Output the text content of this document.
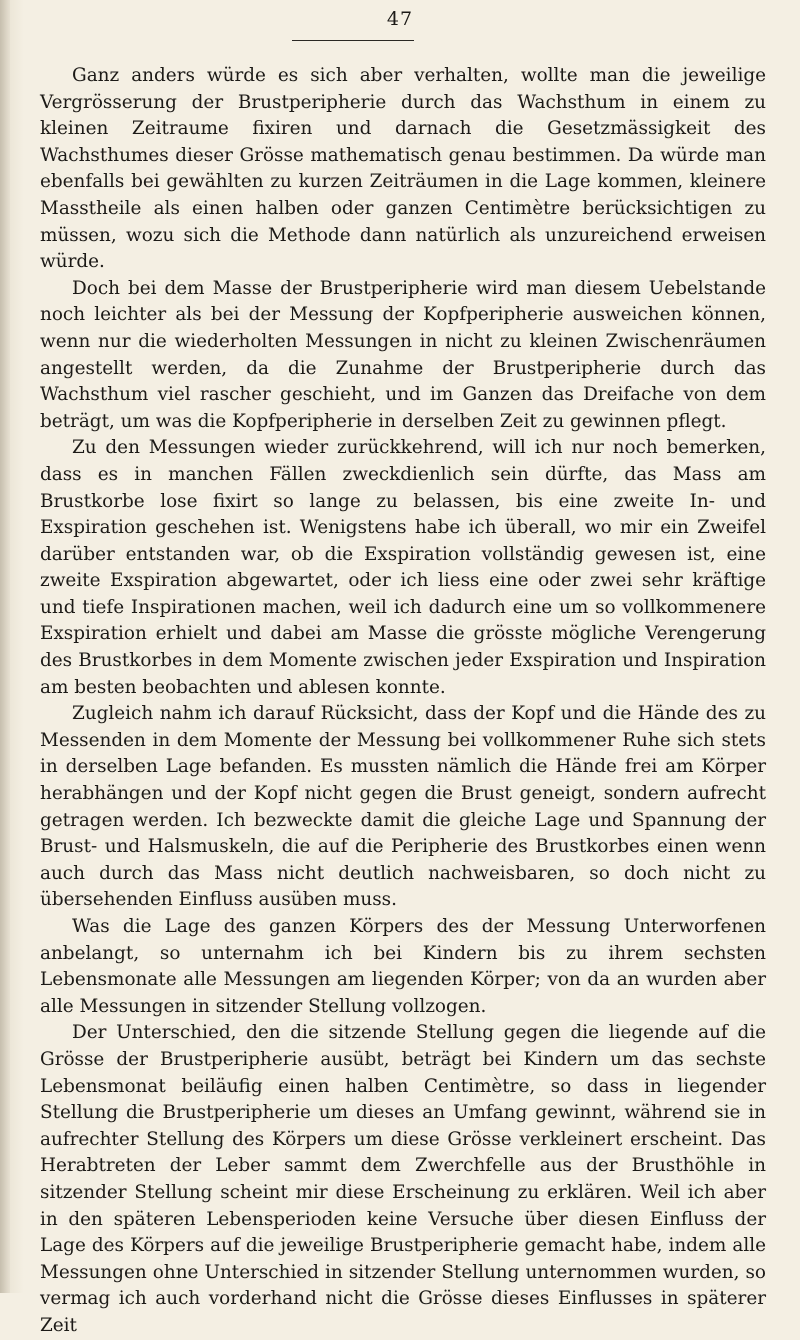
47

Ganz anders würde es sich aber verhalten, wollte man die jeweilige Vergrösserung der Brustperipherie durch das Wachsthum in einem zu kleinen Zeitraume fixiren und darnach die Gesetzmässigkeit des Wachsthumes dieser Grösse mathematisch genau bestimmen. Da würde man ebenfalls bei gewählten zu kurzen Zeiträumen in die Lage kommen, kleinere Masstheile als einen halben oder ganzen Centimètre berücksichtigen zu müssen, wozu sich die Methode dann natürlich als unzureichend erweisen würde.

Doch bei dem Masse der Brustperipherie wird man diesem Uebelstande noch leichter als bei der Messung der Kopfperipherie ausweichen können, wenn nur die wiederholten Messungen in nicht zu kleinen Zwischenräumen angestellt werden, da die Zunahme der Brustperipherie durch das Wachsthum viel rascher geschieht, und im Ganzen das Dreifache von dem beträgt, um was die Kopfperipherie in derselben Zeit zu gewinnen pflegt.

Zu den Messungen wieder zurückkehrend, will ich nur noch bemerken, dass es in manchen Fällen zweckdienlich sein dürfte, das Mass am Brustkorbe lose fixirt so lange zu belassen, bis eine zweite In- und Exspiration geschehen ist. Wenigstens habe ich überall, wo mir ein Zweifel darüber entstanden war, ob die Exspiration vollständig gewesen ist, eine zweite Exspiration abgewartet, oder ich liess eine oder zwei sehr kräftige und tiefe Inspirationen machen, weil ich dadurch eine um so vollkommenere Exspiration erhielt und dabei am Masse die grösste mögliche Verengerung des Brustkorbes in dem Momente zwischen jeder Exspiration und Inspiration am besten beobachten und ablesen konnte.

Zugleich nahm ich darauf Rücksicht, dass der Kopf und die Hände des zu Messenden in dem Momente der Messung bei vollkommener Ruhe sich stets in derselben Lage befanden. Es mussten nämlich die Hände frei am Körper herabhängen und der Kopf nicht gegen die Brust geneigt, sondern aufrecht getragen werden. Ich bezweckte damit die gleiche Lage und Spannung der Brust- und Halsmuskeln, die auf die Peripherie des Brustkorbes einen wenn auch durch das Mass nicht deutlich nachweisbaren, so doch nicht zu übersehenden Einfluss ausüben muss.

Was die Lage des ganzen Körpers des der Messung Unterworfenen anbelangt, so unternahm ich bei Kindern bis zu ihrem sechsten Lebensmonate alle Messungen am liegenden Körper; von da an wurden aber alle Messungen in sitzender Stellung vollzogen.

Der Unterschied, den die sitzende Stellung gegen die liegende auf die Grösse der Brustperipherie ausübt, beträgt bei Kindern um das sechste Lebensmonat beiläufig einen halben Centimètre, so dass in liegender Stellung die Brustperipherie um dieses an Umfang gewinnt, während sie in aufrechter Stellung des Körpers um diese Grösse verkleinert erscheint. Das Herabtreten der Leber sammt dem Zwerchfelle aus der Brusthöhle in sitzender Stellung scheint mir diese Erscheinung zu erklären. Weil ich aber in den späteren Lebensperioden keine Versuche über diesen Einfluss der Lage des Körpers auf die jeweilige Brustperipherie gemacht habe, indem alle Messungen ohne Unterschied in sitzender Stellung unternommen wurden, so vermag ich auch vorderhand nicht die Grösse dieses Einflusses in späterer Zeit
